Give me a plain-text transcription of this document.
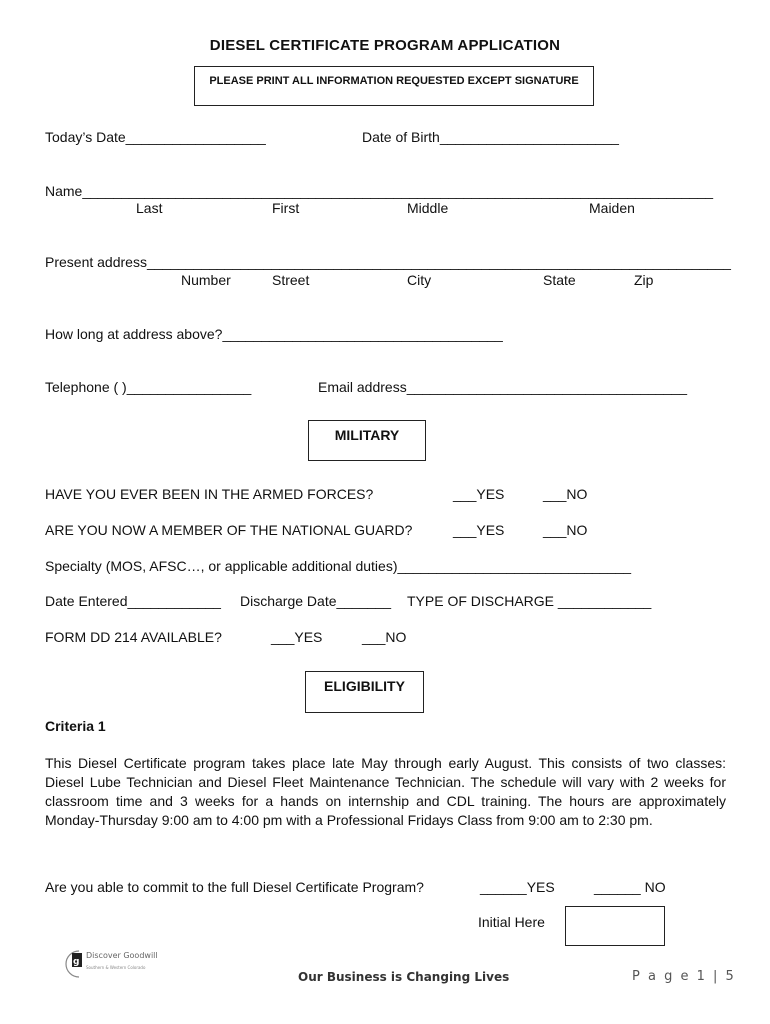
DIESEL CERTIFICATE PROGRAM APPLICATION
PLEASE PRINT ALL INFORMATION REQUESTED EXCEPT SIGNATURE
Today’s Date__________________	Date of Birth_______________________
Name_________________________________________________________________________________
Last	First	Middle	Maiden
Present address___________________________________________________________________________
Number	Street	City	State	Zip
How long at address above?____________________________________
Telephone ( )________________	Email address____________________________________
MILITARY
HAVE YOU EVER BEEN IN THE ARMED FORCES?	___YES	___NO
ARE YOU NOW A MEMBER OF THE NATIONAL GUARD?	___YES	___NO
Specialty (MOS, AFSC…, or applicable additional duties)______________________________
Date Entered____________ Discharge Date_______ TYPE OF DISCHARGE ____________
FORM DD 214 AVAILABLE?	___YES	___NO
ELIGIBILITY
Criteria 1
This Diesel Certificate program takes place late May through early August. This consists of two classes: Diesel Lube Technician and Diesel Fleet Maintenance Technician. The schedule will vary with 2 weeks for classroom time and 3 weeks for a hands on internship and CDL training. The hours are approximately Monday-Thursday 9:00 am to 4:00 pm with a Professional Fridays Class from 9:00 am to 2:30 pm.
Are you able to commit to the full Diesel Certificate Program?	______YES	______ NO
Initial Here
g
Discover Goodwill
Southern & Western Colorado
Our Business is Changing Lives	P a g e 1 | 5
